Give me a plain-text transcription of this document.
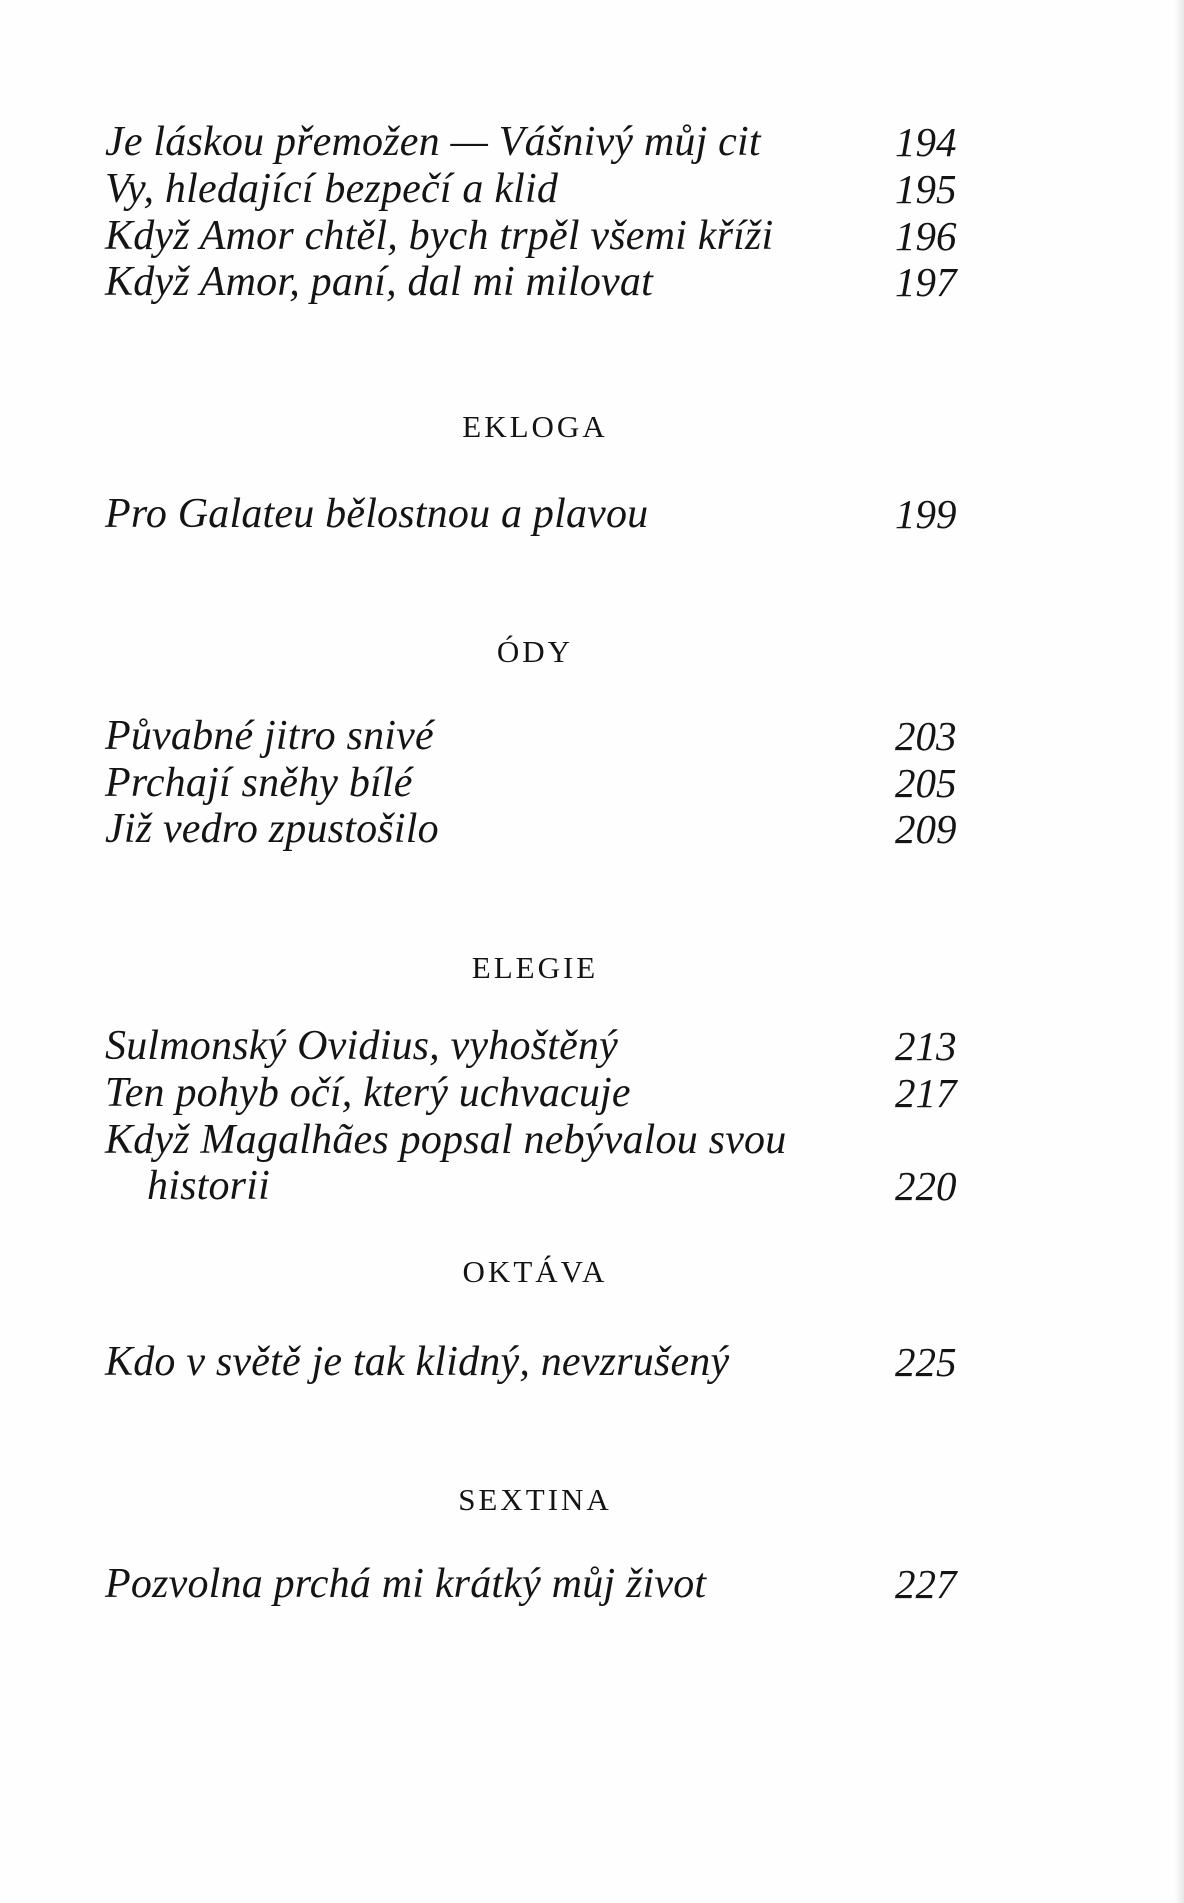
Je láskou přemožen — Vášnivý můj cit	194
Vy, hledající bezpečí a klid	195
Když Amor chtěl, bych trpěl všemi kříži	196
Když Amor, paní, dal mi milovat	197
EKLOGA
Pro Galateu bělostnou a plavou	199
ÓDY
Půvabné jitro snivé	203
Prchají sněhy bílé	205
Již vedro zpustošilo	209
ELEGIE
Sulmonský Ovidius, vyhoštěný	213
Ten pohyb očí, který uchvacuje	217
Když Magalhães popsal nebývalou svou
historii	220
OKTÁVA
Kdo v světě je tak klidný, nevzrušený	225
SEXTINA
Pozvolna prchá mi krátký můj život	227
